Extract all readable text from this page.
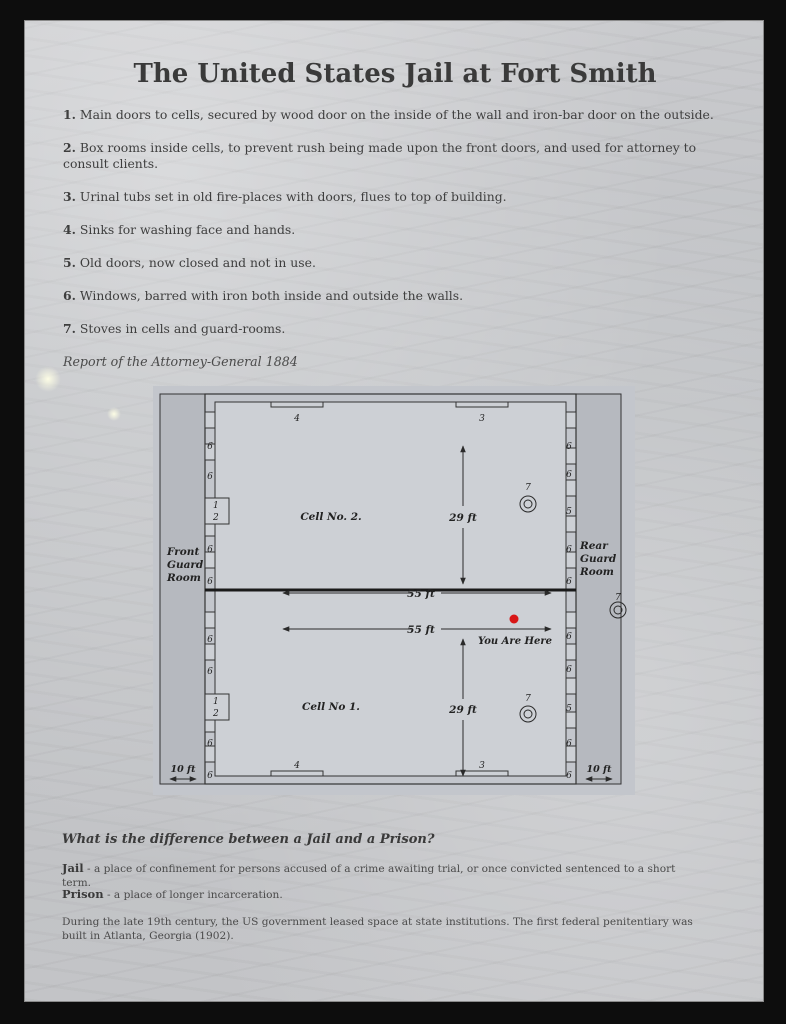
The United States Jail at Fort Smith
1. Main doors to cells, secured by wood door on the inside of the wall and iron-bar door on the outside.
2. Box rooms inside cells, to prevent rush being made upon the front doors, and used for attorney to consult clients.
3. Urinal tubs set in old fire-places with doors, flues to top of building.
4. Sinks for washing face and hands.
5. Old doors, now closed and not in use.
6. Windows, barred with iron both inside and outside the walls.
7. Stoves in cells and guard-rooms.
Report of the Attorney-General 1884
4	3
4	3
6
6
6
6
6
6
6
6
6
6
5
6
6
6
6
5
6
6
1
2
1
2
Front
Guard
Room
Rear
Guard
Room
Cell No. 2.
Cell No 1.
29 ft
29 ft
55 ft
55 ft
7
7
7
You Are Here
10 ft	10 ft
What is the difference between a Jail and a Prison?
Jail - a place of confinement for persons accused of a crime awaiting trial, or once convicted sentenced to a short term.
Prison - a place of longer incarceration.
During the late 19th century, the US government leased space at state institutions. The first federal penitentiary was built in Atlanta, Georgia (1902).
